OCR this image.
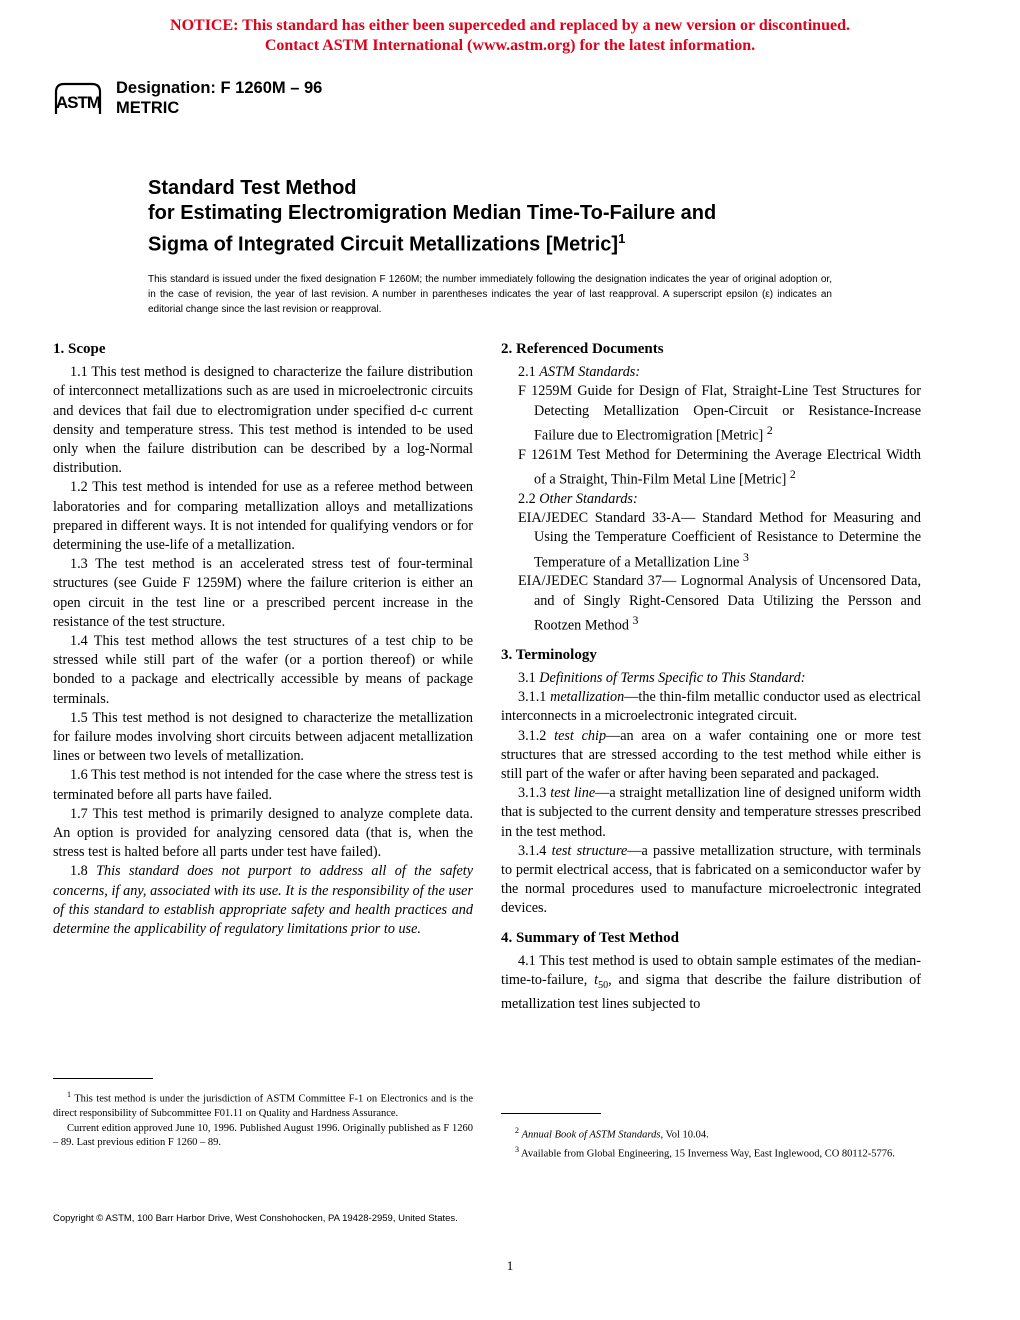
NOTICE: This standard has either been superceded and replaced by a new version or discontinued.
Contact ASTM International (www.astm.org) for the latest information.
ASTM
Designation: F 1260M – 96
METRIC
Standard Test Method
for Estimating Electromigration Median Time-To-Failure and
Sigma of Integrated Circuit Metallizations [Metric]$^1$
This standard is issued under the fixed designation F 1260M; the number immediately following the designation indicates the year of original adoption or, in the case of revision, the year of last revision. A number in parentheses indicates the year of last reapproval. A superscript epsilon (ε) indicates an editorial change since the last revision or reapproval.
1. Scope

1.1 This test method is designed to characterize the failure distribution of interconnect metallizations such as are used in microelectronic circuits and devices that fail due to electromigration under specified d-c current density and temperature stress. This test method is intended to be used only when the failure distribution can be described by a log-Normal distribution.

1.2 This test method is intended for use as a referee method between laboratories and for comparing metallization alloys and metallizations prepared in different ways. It is not intended for qualifying vendors or for determining the use-life of a metallization.

1.3 The test method is an accelerated stress test of four-terminal structures (see Guide F 1259M) where the failure criterion is either an open circuit in the test line or a prescribed percent increase in the resistance of the test structure.

1.4 This test method allows the test structures of a test chip to be stressed while still part of the wafer (or a portion thereof) or while bonded to a package and electrically accessible by means of package terminals.

1.5 This test method is not designed to characterize the metallization for failure modes involving short circuits between adjacent metallization lines or between two levels of metallization.

1.6 This test method is not intended for the case where the stress test is terminated before all parts have failed.

1.7 This test method is primarily designed to analyze complete data. An option is provided for analyzing censored data (that is, when the stress test is halted before all parts under test have failed).

1.8 This standard does not purport to address all of the safety concerns, if any, associated with its use. It is the responsibility of the user of this standard to establish appropriate safety and health practices and determine the applicability of regulatory limitations prior to use.

2. Referenced Documents

2.1 ASTM Standards:

F 1259M Guide for Design of Flat, Straight-Line Test Structures for Detecting Metallization Open-Circuit or Resistance-Increase Failure due to Electromigration [Metric] $^2$

F 1261M Test Method for Determining the Average Electrical Width of a Straight, Thin-Film Metal Line [Metric] $^2$

2.2 Other Standards:

EIA/JEDEC Standard 33-A— Standard Method for Measuring and Using the Temperature Coefficient of Resistance to Determine the Temperature of a Metallization Line $^3$

EIA/JEDEC Standard 37— Lognormal Analysis of Uncensored Data, and of Singly Right-Censored Data Utilizing the Persson and Rootzen Method $^3$

3. Terminology

3.1 Definitions of Terms Specific to This Standard:

3.1.1 metallization—the thin-film metallic conductor used as electrical interconnects in a microelectronic integrated circuit.

3.1.2 test chip—an area on a wafer containing one or more test structures that are stressed according to the test method while either is still part of the wafer or after having been separated and packaged.

3.1.3 test line—a straight metallization line of designed uniform width that is subjected to the current density and temperature stresses prescribed in the test method.

3.1.4 test structure—a passive metallization structure, with terminals to permit electrical access, that is fabricated on a semiconductor wafer by the normal procedures used to manufacture microelectronic integrated devices.

4. Summary of Test Method

4.1 This test method is used to obtain sample estimates of the median-time-to-failure, $t_{50}$, and sigma that describe the failure distribution of metallization test lines subjected to

$^1$ This test method is under the jurisdiction of ASTM Committee F-1 on Electronics and is the direct responsibility of Subcommittee F01.11 on Quality and Hardness Assurance.

Current edition approved June 10, 1996. Published August 1996. Originally published as F 1260 – 89. Last previous edition F 1260 – 89.

$^2$ Annual Book of ASTM Standards, Vol 10.04.

$^3$ Available from Global Engineering, 15 Inverness Way, East Inglewood, CO 80112-5776.

Copyright © ASTM, 100 Barr Harbor Drive, West Conshohocken, PA 19428-2959, United States.
1
